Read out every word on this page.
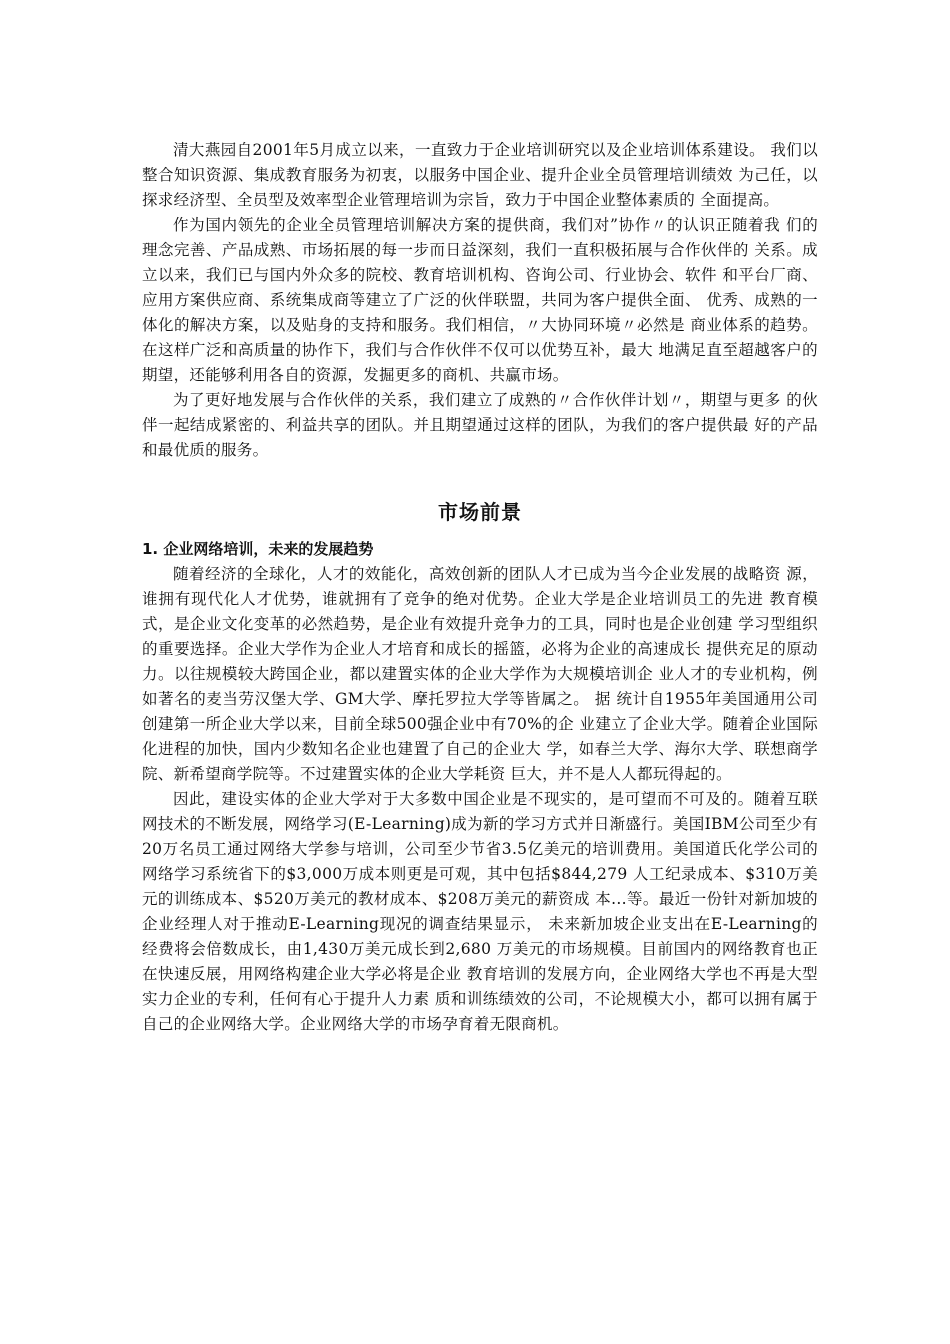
清大燕园自2001年5月成立以来，一直致力于企业培训研究以及企业培训体系建设。 我们以整合知识资源、集成教育服务为初衷，以服务中国企业、提升企业全员管理培训绩效 为己任，以探求经济型、全员型及效率型企业管理培训为宗旨，致力于中国企业整体素质的 全面提高。

作为国内领先的企业全员管理培训解决方案的提供商，我们对”协作〃的认识正随着我 们的理念完善、产品成熟、市场拓展的每一步而日益深刻，我们一直积极拓展与合作伙伴的 关系。成立以来，我们已与国内外众多的院校、教育培训机构、咨询公司、行业协会、软件 和平台厂商、应用方案供应商、系统集成商等建立了广泛的伙伴联盟，共同为客户提供全面、 优秀、成熟的一体化的解决方案，以及贴身的支持和服务。我们相信，〃大协同环境〃必然是 商业体系的趋势。在这样广泛和高质量的协作下，我们与合作伙伴不仅可以优势互补，最大 地满足直至超越客户的期望，还能够利用各自的资源，发掘更多的商机、共赢市场。

为了更好地发展与合作伙伴的关系，我们建立了成熟的〃合作伙伴计划〃，期望与更多 的伙伴一起结成紧密的、利益共享的团队。并且期望通过这样的团队，为我们的客户提供最 好的产品和最优质的服务。

市场前景
1. 企业网络培训，未来的发展趋势

随着经济的全球化，人才的效能化，高效创新的团队人才已成为当今企业发展的战略资 源，谁拥有现代化人才优势，谁就拥有了竞争的绝对优势。企业大学是企业培训员工的先进 教育模式，是企业文化变革的必然趋势，是企业有效提升竞争力的工具，同时也是企业创建 学习型组织的重要选择。企业大学作为企业人才培育和成长的摇篮，必将为企业的高速成长 提供充足的原动力。以往规模较大跨国企业，都以建置实体的企业大学作为大规模培训企 业人才的专业机构，例如著名的麦当劳汉堡大学、GM大学、摩托罗拉大学等皆属之。 据 统计自1955年美国通用公司创建第一所企业大学以来，目前全球500强企业中有70%的企 业建立了企业大学。随着企业国际化进程的加快，国内少数知名企业也建置了自己的企业大 学，如春兰大学、海尔大学、联想商学院、新希望商学院等。不过建置实体的企业大学耗资 巨大，并不是人人都玩得起的。

因此，建设实体的企业大学对于大多数中国企业是不现实的，是可望而不可及的。随着互联网技术的不断发展，网络学习(E-Learning)成为新的学习方式并日渐盛行。美国IBM公司至少有20万名员工通过网络大学参与培训，公司至少节省3.5亿美元的培训费用。美国道氏化学公司的网络学习系统省下的$3,000万成本则更是可观，其中包括$844,279 人工纪录成本、$310万美元的训练成本、$520万美元的教材成本、$208万美元的薪资成 本...等。最近一份针对新加坡的企业经理人对于推动E-Learning现况的调查结果显示， 未来新加坡企业支出在E-Learning的经费将会倍数成长，由1,430万美元成长到2,680 万美元的市场规模。目前国内的网络教育也正在快速反展，用网络构建企业大学必将是企业 教育培训的发展方向，企业网络大学也不再是大型实力企业的专利，任何有心于提升人力素 质和训练绩效的公司，不论规模大小，都可以拥有属于自己的企业网络大学。企业网络大学的市场孕育着无限商机。
